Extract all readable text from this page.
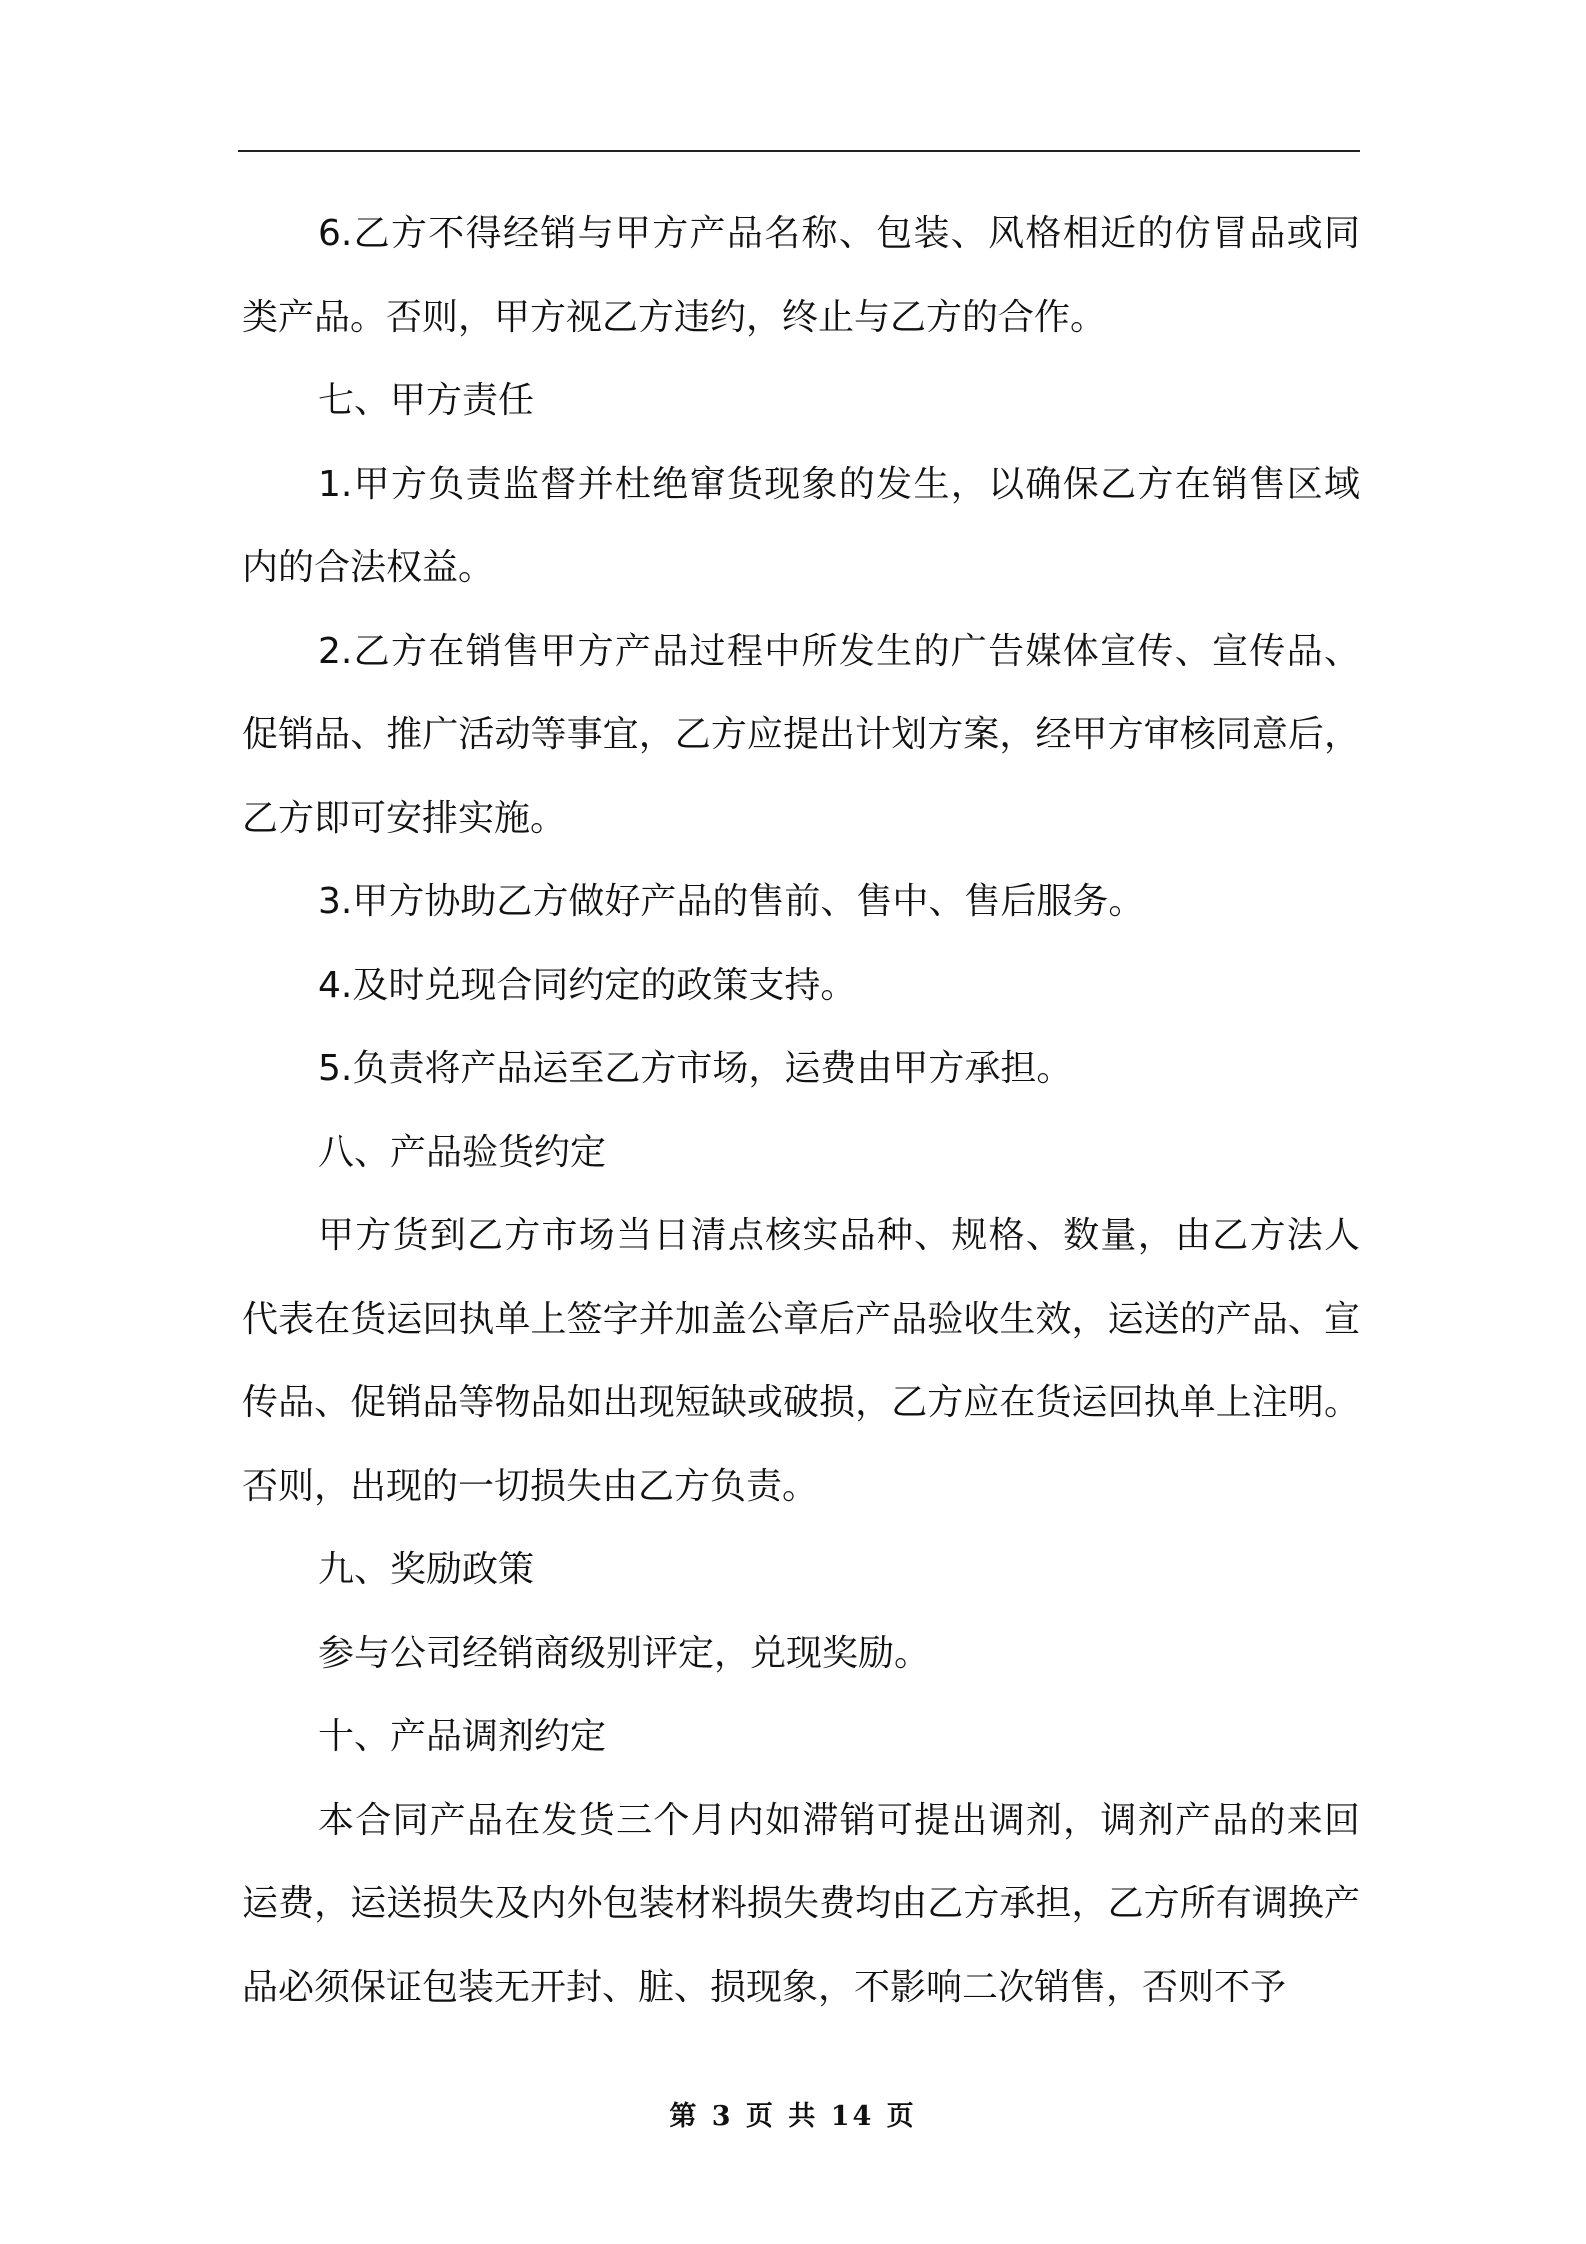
6.乙方不得经销与甲方产品名称、包装、风格相近的仿冒品或同类产品。否则，甲方视乙方违约，终止与乙方的合作。

七、甲方责任

1.甲方负责监督并杜绝窜货现象的发生，以确保乙方在销售区域内的合法权益。

2.乙方在销售甲方产品过程中所发生的广告媒体宣传、宣传品、促销品、推广活动等事宜，乙方应提出计划方案，经甲方审核同意后，乙方即可安排实施。

3.甲方协助乙方做好产品的售前、售中、售后服务。

4.及时兑现合同约定的政策支持。

5.负责将产品运至乙方市场，运费由甲方承担。

八、产品验货约定

甲方货到乙方市场当日清点核实品种、规格、数量，由乙方法人代表在货运回执单上签字并加盖公章后产品验收生效，运送的产品、宣传品、促销品等物品如出现短缺或破损，乙方应在货运回执单上注明。否则，出现的一切损失由乙方负责。

九、奖励政策

参与公司经销商级别评定，兑现奖励。

十、产品调剂约定

本合同产品在发货三个月内如滞销可提出调剂，调剂产品的来回运费，运送损失及内外包装材料损失费均由乙方承担，乙方所有调换产品必须保证包装无开封、脏、损现象，不影响二次销售，否则不予

第 3 页 共 14 页
